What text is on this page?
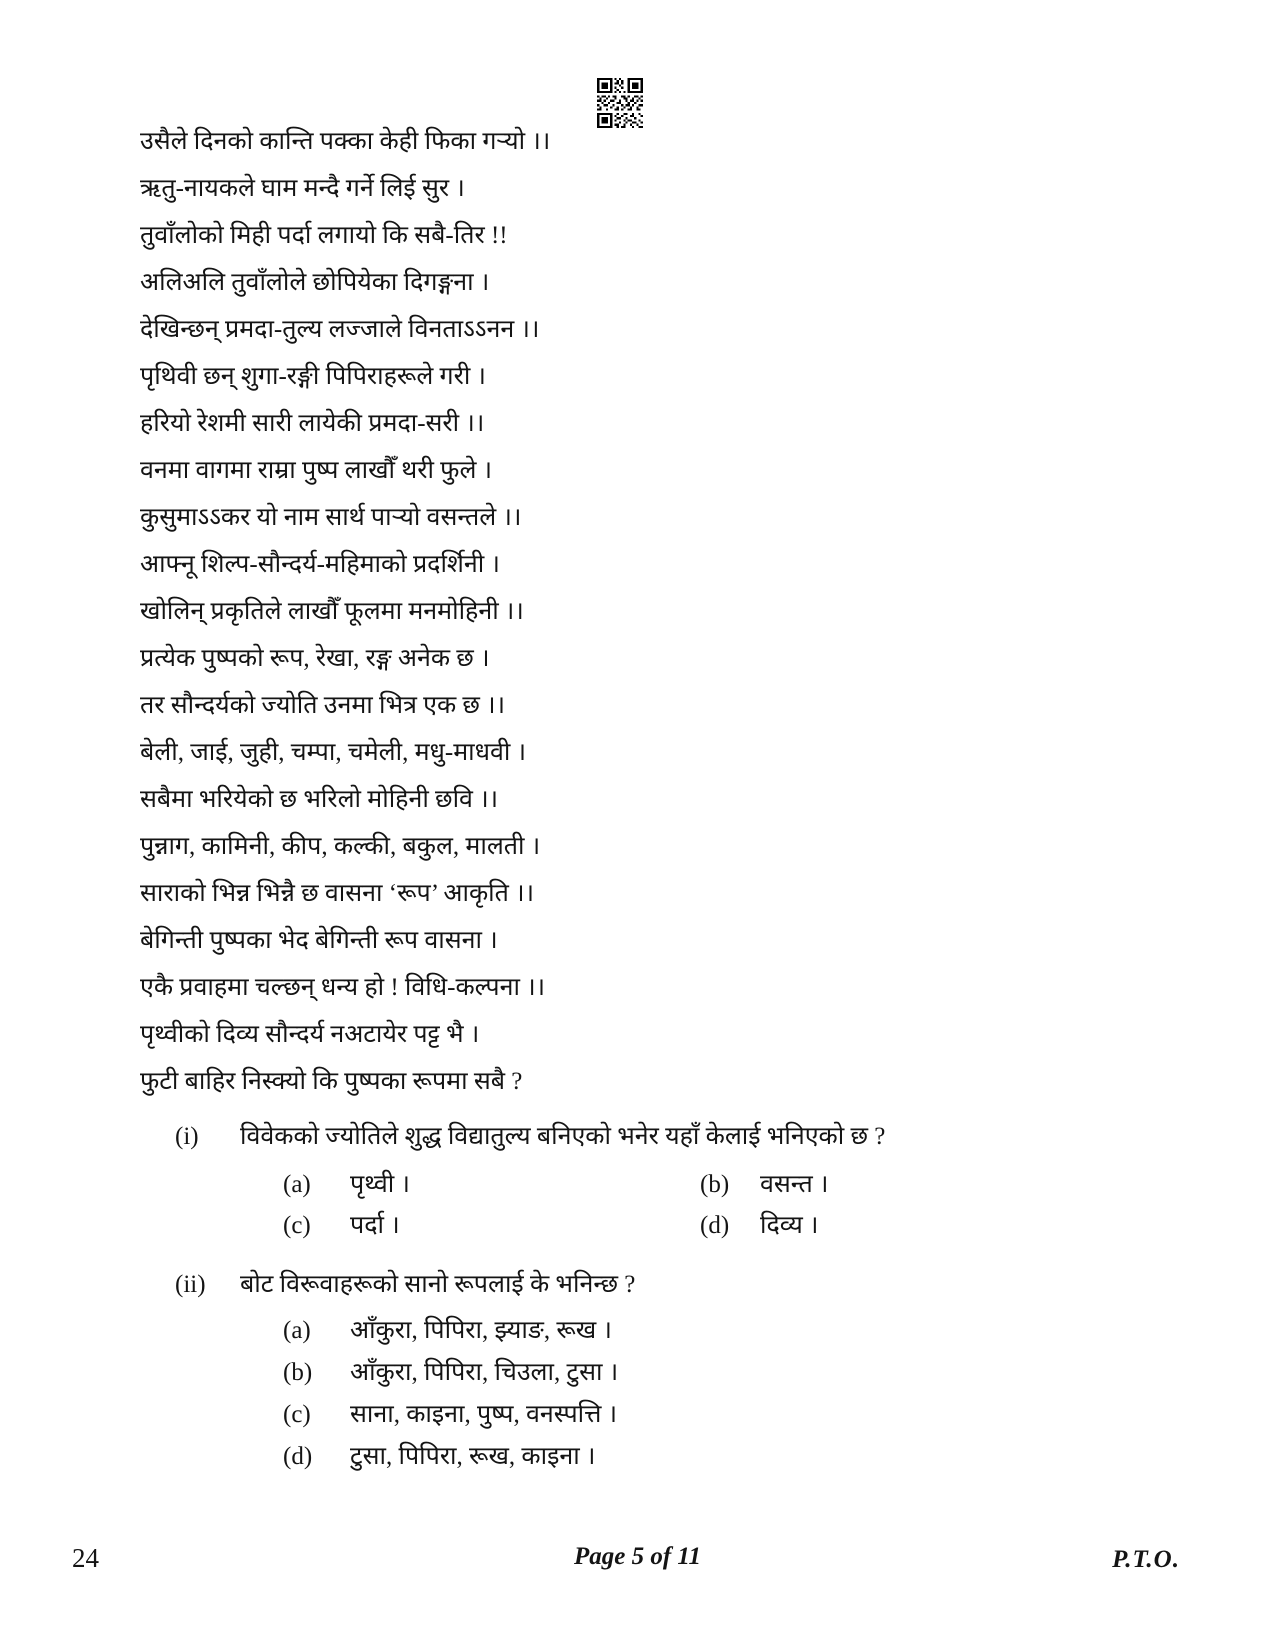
उसैले दिनको कान्ति पक्का केही फिका गऱ्यो ।।
ऋतु-नायकले घाम मन्दै गर्ने लिई सुर ।
तुवाँलोको मिही पर्दा लगायो कि सबै-तिर !!
अलिअलि तुवाँलोले छोपियेका दिगङ्गना ।
देखिन्छन् प्रमदा-तुल्य लज्जाले विनताऽऽनन ।।
पृथिवी छन् शुगा-रङ्गी पिपिराहरूले गरी ।
हरियो रेशमी सारी लायेकी प्रमदा-सरी ।।
वनमा वागमा राम्रा पुष्प लाखौँ थरी फुले ।
कुसुमाऽऽकर यो नाम सार्थ पाऱ्यो वसन्तले ।।
आफ्नू शिल्प-सौन्दर्य-महिमाको प्रदर्शिनी ।
खोलिन् प्रकृतिले लाखौँ फूलमा मनमोहिनी ।।
प्रत्येक पुष्पको रूप, रेखा, रङ्ग अनेक छ ।
तर सौन्दर्यको ज्योति उनमा भित्र एक छ ।।
बेली, जाई, जुही, चम्पा, चमेली, मधु-माधवी ।
सबैमा भरियेको छ भरिलो मोहिनी छवि ।।
पुन्नाग, कामिनी, कीप, कल्की, बकुल, मालती ।
साराको भिन्न भिन्नै छ वासना ‘रूप’ आकृति ।।
बेगिन्ती पुष्पका भेद बेगिन्ती रूप वासना ।
एकै प्रवाहमा चल्छन् धन्य हो ! विधि-कल्पना ।।
पृथ्वीको दिव्य सौन्दर्य नअटायेर पट्ट भै ।
फुटी बाहिर निस्क्यो कि पुष्पका रूपमा सबै ?
(i)	विवेकको ज्योतिले शुद्ध विद्यातुल्य बनिएको भनेर यहाँ केलाई भनिएको छ ?
(a)	पृथ्वी ।	(b)	वसन्त ।
(c)	पर्दा ।	(d)	दिव्य ।
(ii)	बोट विरूवाहरूको सानो रूपलाई के भनिन्छ ?
(a)	आँकुरा, पिपिरा, झ्याङ, रूख ।
(b)	आँकुरा, पिपिरा, चिउला, टुसा ।
(c)	साना, काइना, पुष्प, वनस्पत्ति ।
(d)	टुसा, पिपिरा, रूख, काइना ।
24	Page 5 of 11	P.T.O.
